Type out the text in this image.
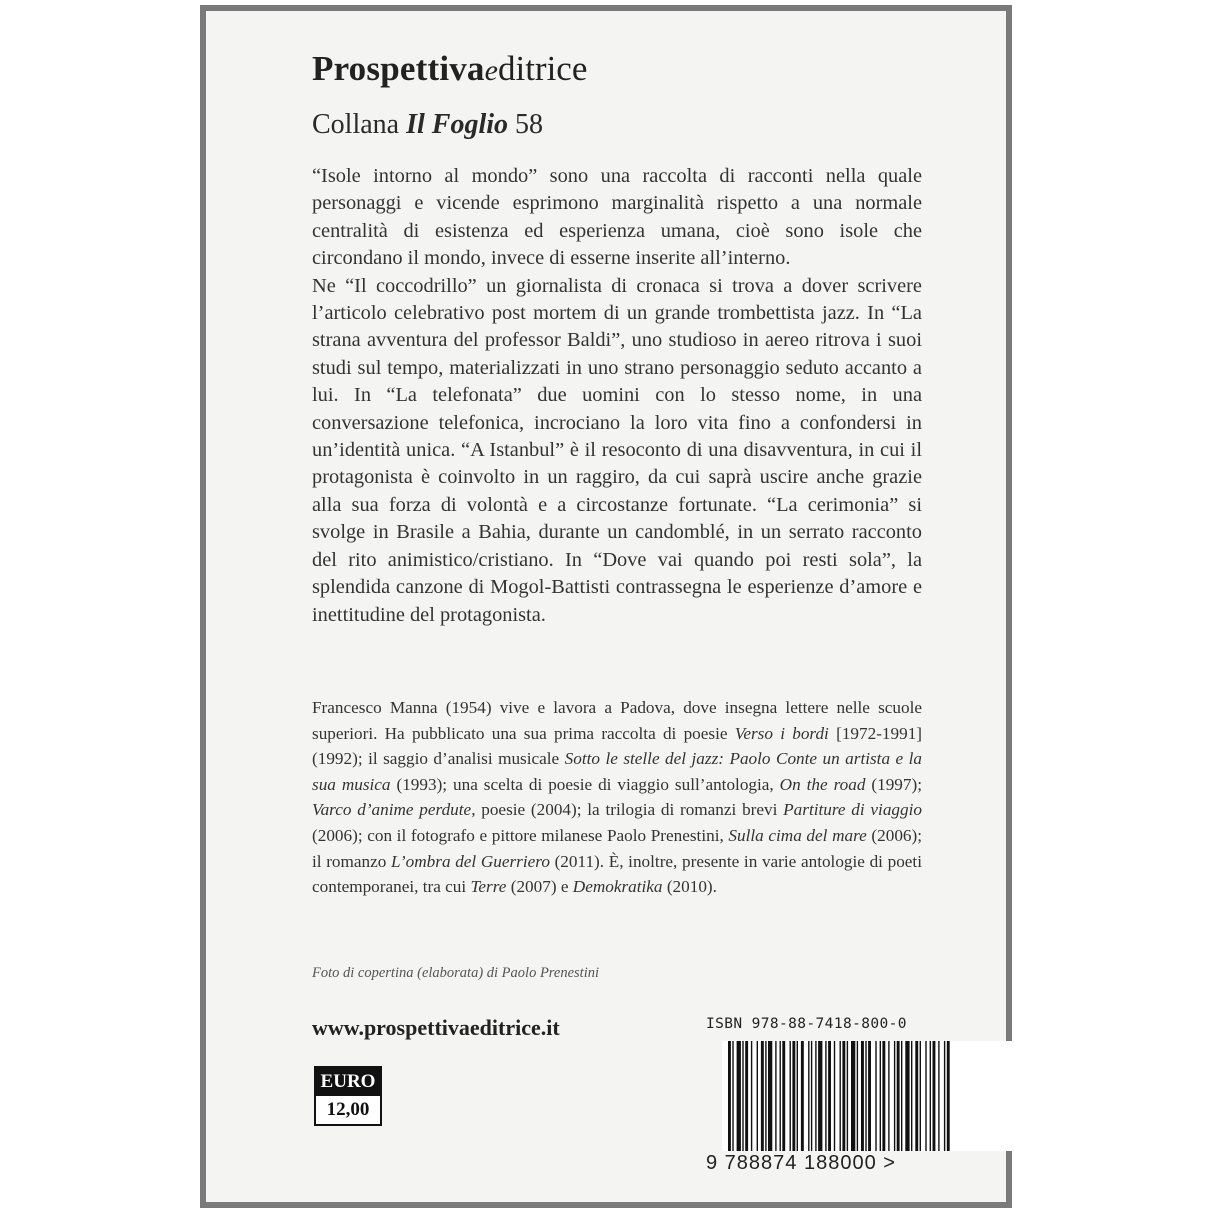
Prospettivaeditrice
Collana Il Foglio 58

“Isole intorno al mondo” sono una raccolta di racconti nella quale personaggi e vicende esprimono marginalità rispetto a una normale centralità di esistenza ed esperienza umana, cioè sono isole che circondano il mondo, invece di esserne inserite all’interno.

Ne “Il coccodrillo” un giornalista di cronaca si trova a dover scrivere l’articolo celebrativo post mortem di un grande trombettista jazz. In “La strana avventura del professor Baldi”, uno studioso in aereo ritrova i suoi studi sul tempo, materializzati in uno strano personaggio seduto accanto a lui. In “La telefonata” due uomini con lo stesso nome, in una conversazione telefonica, incrociano la loro vita fino a confondersi in un’identità unica. “A Istanbul” è il resoconto di una disavventura, in cui il protagonista è coinvolto in un raggiro, da cui saprà uscire anche grazie alla sua forza di volontà e a circostanze fortunate. “La cerimonia” si svolge in Brasile a Bahia, durante un candomblé, in un serrato racconto del rito animistico/cristiano. In “Dove vai quando poi resti sola”, la splendida canzone di Mogol-Battisti contrassegna le esperienze d’amore e inettitudine del protagonista.

Francesco Manna (1954) vive e lavora a Padova, dove insegna lettere nelle scuole superiori. Ha pubblicato una sua prima raccolta di poesie Verso i bordi [1972-1991] (1992); il saggio d’analisi musicale Sotto le stelle del jazz: Paolo Conte un artista e la sua musica (1993); una scelta di poesie di viaggio sull’antologia, On the road (1997); Varco d’anime perdute, poesie (2004); la trilogia di romanzi brevi Partiture di viaggio (2006); con il fotografo e pittore milanese Paolo Prenestini, Sulla cima del mare (2006); il romanzo L’ombra del Guerriero (2011). È, inoltre, presente in varie antologie di poeti contemporanei, tra cui Terre (2007) e Demokratika (2010).
Foto di copertina (elaborata) di Paolo Prenestini
www.prospettivaeditrice.it
EURO
12,00
ISBN 978-88-7418-800-0
9 788874 188000 >
